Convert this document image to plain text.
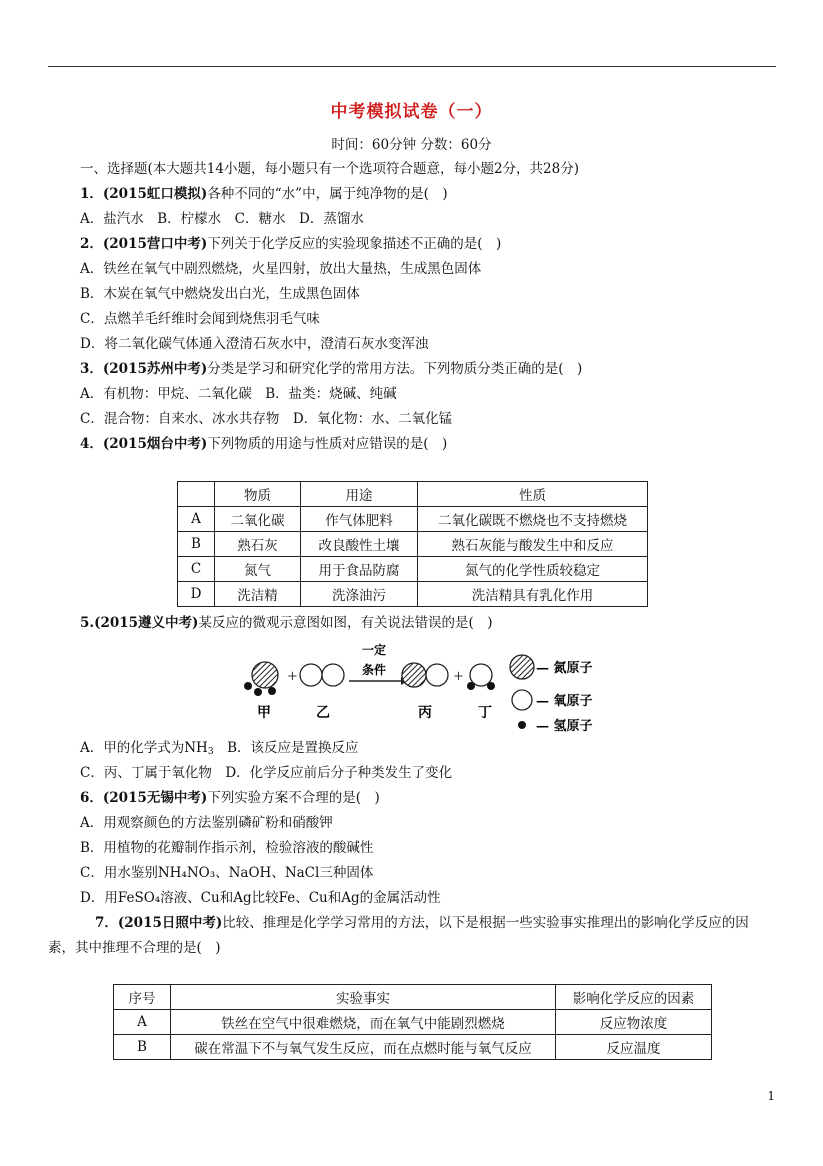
中考模拟试卷（一）
时间：60分钟 分数：60分
一、选择题(本大题共14小题，每小题只有一个选项符合题意，每小题2分，共28分)
1．(2015虹口模拟)各种不同的“水”中，属于纯净物的是(　)
A．盐汽水　B．柠檬水　C．糖水　D．蒸馏水
2．(2015营口中考)下列关于化学反应的实验现象描述不正确的是(　)
A．铁丝在氧气中剧烈燃烧，火星四射，放出大量热，生成黑色固体
B．木炭在氧气中燃烧发出白光，生成黑色固体
C．点燃羊毛纤维时会闻到烧焦羽毛气味
D．将二氧化碳气体通入澄清石灰水中，澄清石灰水变浑浊
3．(2015苏州中考)分类是学习和研究化学的常用方法。下列物质分类正确的是(　)
A．有机物：甲烷、二氧化碳　B．盐类：烧碱、纯碱
C．混合物：自来水、冰水共存物　D．氧化物：水、二氧化锰
4．(2015烟台中考)下列物质的用途与性质对应错误的是(　)
	物质	用途	性质
A	二氧化碳	作气体肥料	二氧化碳既不燃烧也不支持燃烧
B	熟石灰	改良酸性土壤	熟石灰能与酸发生中和反应
C	氮气	用于食品防腐	氮气的化学性质较稳定
D	洗洁精	洗涤油污	洗洁精具有乳化作用
5.(2015遵义中考)某反应的微观示意图如图，有关说法错误的是(　)
+
一定
条件	+
甲	乙	丙	丁
— 氮原子
— 氧原子
— 氢原子
A．甲的化学式为$NH_3$　B．该反应是置换反应
C．丙、丁属于氧化物　D．化学反应前后分子种类发生了变化
6．(2015无锡中考)下列实验方案不合理的是(　)
A．用观察颜色的方法鉴别磷矿粉和硝酸钾
B．用植物的花瓣制作指示剂，检验溶液的酸碱性
C．用水鉴别NH₄NO₃、NaOH、NaCl三种固体
D．用FeSO₄溶液、Cu和Ag比较Fe、Cu和Ag的金属活动性
7．(2015日照中考)比较、推理是化学学习常用的方法，以下是根据一些实验事实推理出的影响化学反应的因
素，其中推理不合理的是(　)
序号	实验事实	影响化学反应的因素
A	铁丝在空气中很难燃烧，而在氧气中能剧烈燃烧	反应物浓度
B	碳在常温下不与氧气发生反应，而在点燃时能与氧气反应	反应温度
1
